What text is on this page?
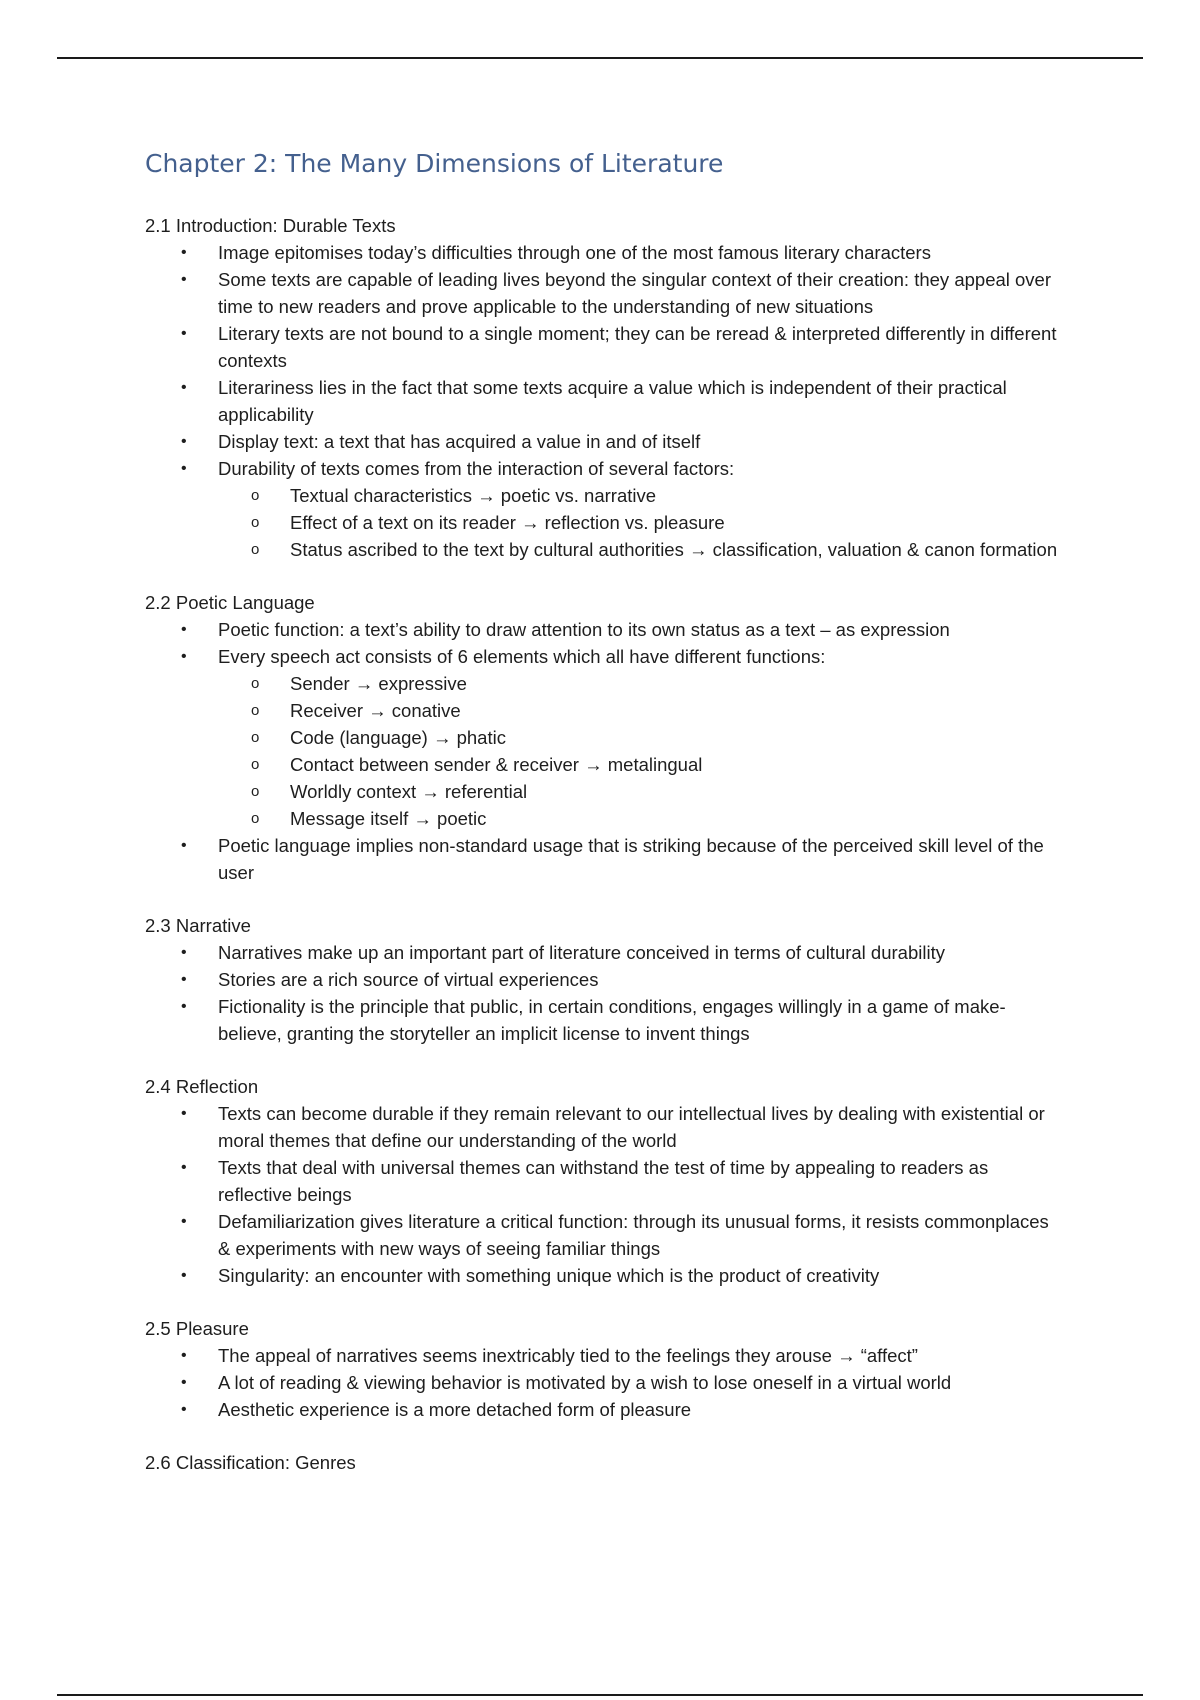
Chapter 2: The Many Dimensions of Literature
2.1 Introduction: Durable Texts
• Image epitomises today’s difficulties through one of the most famous literary characters
• Some texts are capable of leading lives beyond the singular context of their creation: they appeal over time to new readers and prove applicable to the understanding of new situations
• Literary texts are not bound to a single moment; they can be reread & interpreted differently in different contexts
• Literariness lies in the fact that some texts acquire a value which is independent of their practical applicability
• Display text: a text that has acquired a value in and of itself
• Durability of texts comes from the interaction of several factors:
o Textual characteristics → poetic vs. narrative
o Effect of a text on its reader → reflection vs. pleasure
o Status ascribed to the text by cultural authorities → classification, valuation & canon formation
2.2 Poetic Language
• Poetic function: a text’s ability to draw attention to its own status as a text – as expression
• Every speech act consists of 6 elements which all have different functions:
o Sender → expressive
o Receiver → conative
o Code (language) → phatic
o Contact between sender & receiver → metalingual
o Worldly context → referential
o Message itself → poetic
• Poetic language implies non-standard usage that is striking because of the perceived skill level of the user
2.3 Narrative
• Narratives make up an important part of literature conceived in terms of cultural durability
• Stories are a rich source of virtual experiences
• Fictionality is the principle that public, in certain conditions, engages willingly in a game of make-believe, granting the storyteller an implicit license to invent things
2.4 Reflection
• Texts can become durable if they remain relevant to our intellectual lives by dealing with existential or moral themes that define our understanding of the world
• Texts that deal with universal themes can withstand the test of time by appealing to readers as reflective beings
• Defamiliarization gives literature a critical function: through its unusual forms, it resists commonplaces & experiments with new ways of seeing familiar things
• Singularity: an encounter with something unique which is the product of creativity
2.5 Pleasure
• The appeal of narratives seems inextricably tied to the feelings they arouse → “affect”
• A lot of reading & viewing behavior is motivated by a wish to lose oneself in a virtual world
• Aesthetic experience is a more detached form of pleasure
2.6 Classification: Genres
